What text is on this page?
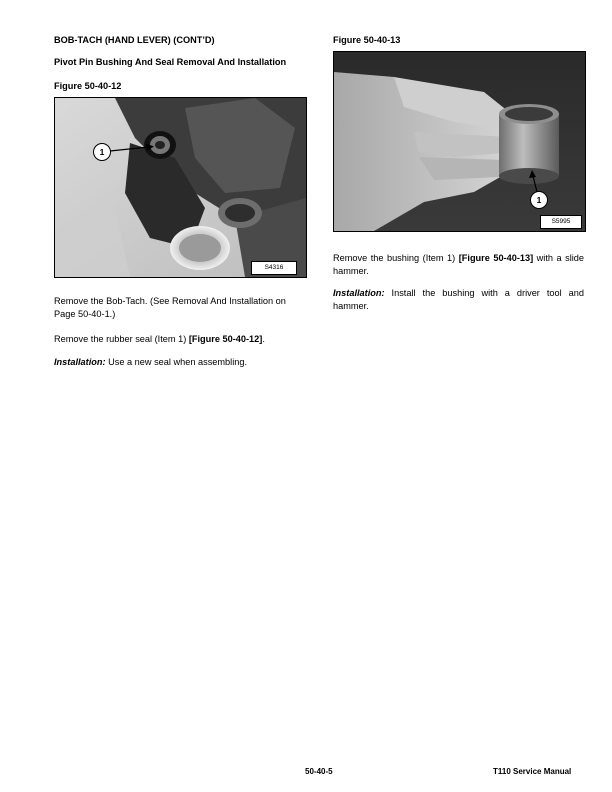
BOB-TACH (HAND LEVER) (CONT’D)
Pivot Pin Bushing And Seal Removal And Installation
Figure 50-40-12
S4316
1
Remove the Bob-Tach. (See Removal And Installation on Page 50-40-1.)
Remove the rubber seal (Item 1) [Figure 50-40-12].
Installation: Use a new seal when assembling.
Figure 50-40-13
S5995
1
Remove the bushing (Item 1) [Figure 50-40-13] with a slide hammer.
Installation: Install the bushing with a driver tool and hammer.
50-40-5	T110 Service Manual
